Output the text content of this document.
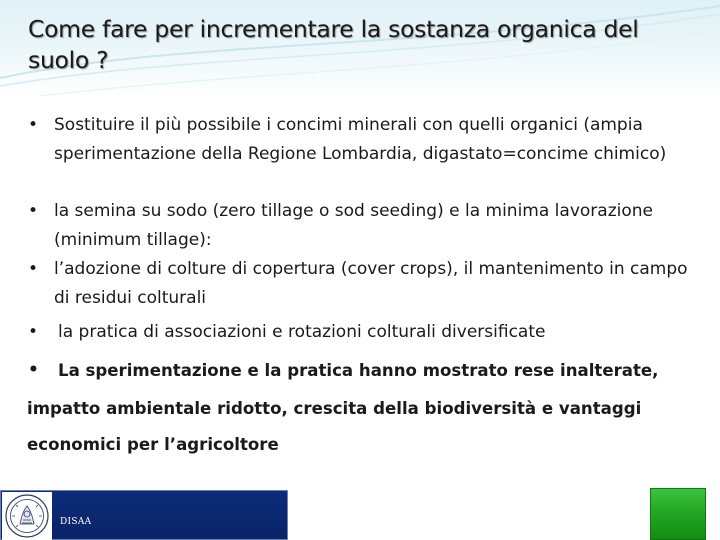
Come fare per incrementare la sostanza organica del suolo ?
• Sostituire il più possibile i concimi minerali con quelli organici (ampia sperimentazione della Regione Lombardia, digastato=concime chimico)
• la semina su sodo (zero tillage o sod seeding) e la minima lavorazione (minimum tillage):
• l’adozione di colture di copertura (cover crops), il mantenimento in campo di residui colturali
•	la pratica di associazioni e rotazioni colturali diversificate
•	La sperimentazione e la pratica hanno mostrato rese inalterate,
impatto ambientale ridotto, crescita della biodiversità e vantaggi
economici per l’agricoltore
DISAA
